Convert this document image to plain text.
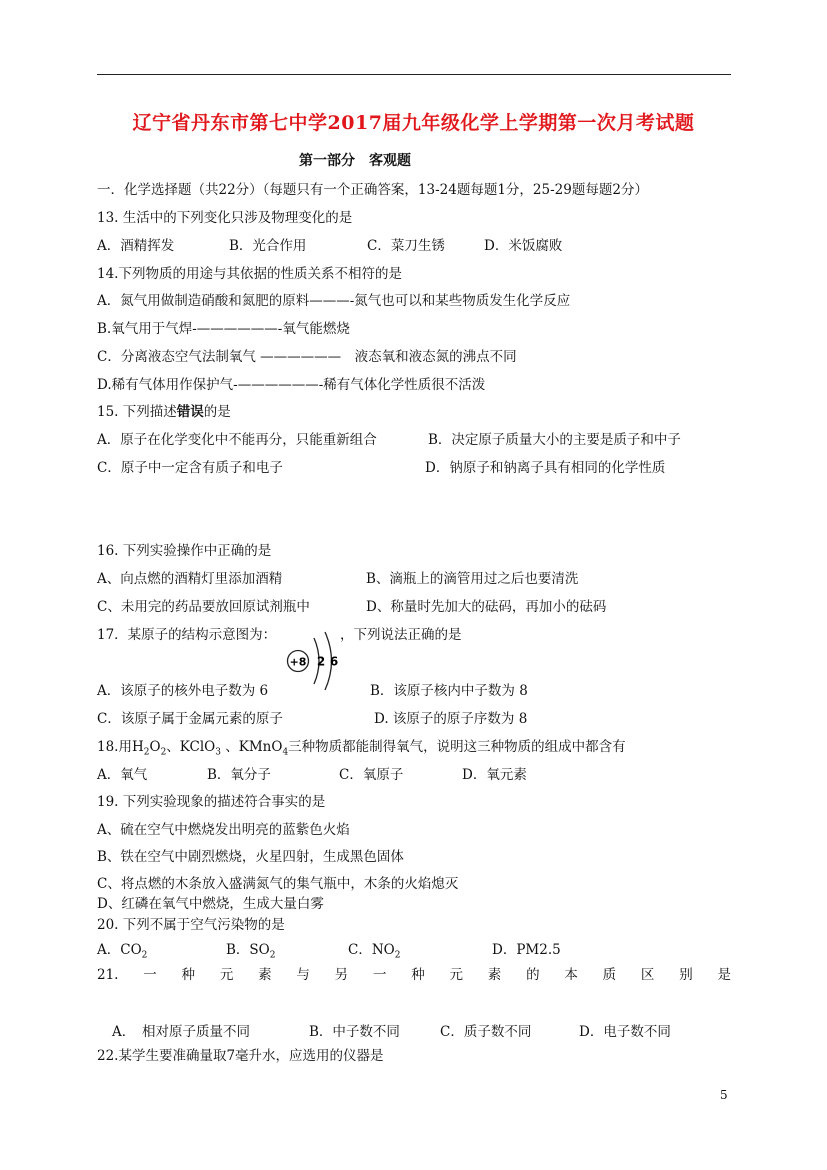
辽宁省丹东市第七中学2017届九年级化学上学期第一次月考试题
第一部分　客观题
一．化学选择题（共22分）（每题只有一个正确答案，13-24题每题1分，25-29题每题2分）
13. 生活中的下列变化只涉及物理变化的是
A．酒精挥发	B．光合作用	C．菜刀生锈	D．米饭腐败
14.下列物质的用途与其依据的性质关系不相符的是
A．氮气用做制造硝酸和氮肥的原料———-氮气也可以和某些物质发生化学反应
B.氧气用于气焊-——————-氧气能燃烧
C．分离液态空气法制氧气 ——————　液态氧和液态氮的沸点不同
D.稀有气体用作保护气-——————-稀有气体化学性质很不活泼
15. 下列描述错误的是
A．原子在化学变化中不能再分，只能重新组合	B．决定原子质量大小的主要是质子和中子
C．原子中一定含有质子和电子	D．钠原子和钠离子具有相同的化学性质
16. 下列实验操作中正确的是
A、向点燃的酒精灯里添加酒精	B、滴瓶上的滴管用过之后也要清洗
C、未用完的药品要放回原试剂瓶中	D、称量时先加大的砝码，再加小的砝码
17．某原子的结构示意图为：	，下列说法正确的是
+8 2 6
A．该原子的核外电子数为 6	B．该原子核内中子数为 8
C．该原子属于金属元素的原子	D. 该原子的原子序数为 8
18.用$H_2O_2$、KClO$_3$ 、KMnO$_4$三种物质都能制得氧气，说明这三种物质的组成中都含有
A．氧气	B．氧分子	C．氧原子	D．氧元素
19. 下列实验现象的描述符合事实的是
A、硫在空气中燃烧发出明亮的蓝紫色火焰
B、铁在空气中剧烈燃烧，火星四射，生成黑色固体
C、将点燃的木条放入盛满氮气的集气瓶中，木条的火焰熄灭
D、红磷在氧气中燃烧，生成大量白雾
20. 下列不属于空气污染物的是
A．$CO_2$	B．$SO_2$	C．$NO_2$	D．PM2.5
21. 一 种 元 素 与 另 一 种 元 素 的 本 质 区 别 是
A．　相对原子质量不同	B．中子数不同	C．质子数不同	D．电子数不同
22.某学生要准确量取7毫升水，应选用的仪器是
5
